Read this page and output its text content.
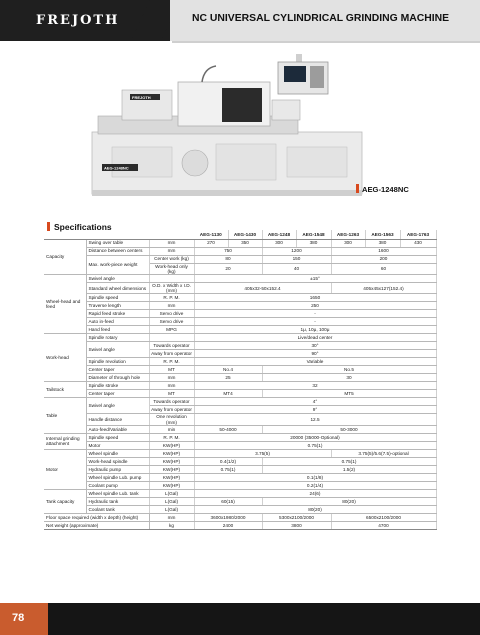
FREJOTH	NC UNIVERSAL CYLINDRICAL GRINDING MACHINE
FREJOTH
AEG-1248NC
AEG-1248NC
Specifications
			AEG-1130	AEG-1430	AEG-1248	AEG-1548	AEG-1263	AEG-1563	AEG-1763
Capacity	Swing over table	mm	270	350	300	380	300	380	430
	Distance between centers	mm	750		1200		1600		
	Max. work-piece weight	Center work (kg)	80		150		200		
		Work-head only (kg)	20		40		60		
Wheel-head and feed	Swivel angle		±15°						
	Standard wheel dimensions	O.D. x Width x I.D. (mm)	405x32-50x152.4				405x45x127(152.4)		
	Spindle speed	R. P. M.	1650						
	Traverse length	mm	250						
	Rapid feed stroke	Servo drive	-						
	Auto in-feed	Servo drive	-						
	Hand feed	MPG	1μ, 10μ, 100μ						
Work-head	Spindle rotary		Live/dead center						
	Swivel angle	Towards operator	30°						
		Away from operator	90°						
	Spindle revolution	R. P. M.	Variable						
	Center taper	MT	No.4		No.5				
	Diameter of through hole	mm	25		30				
Tailstock	Spindle stroke	mm	32						
	Center taper	MT	MT4		MT5				
Table	Swivel angle	Towards operator	4°						
		Away from operator	9°						
	Handle distance	One revolution (mm)	12.5						
	Auto-feed/Variable	min	50-4000		50-3000				
Internal grinding attachment	Spindle speed	R. P. M.	20000 (35000-Optional)						
	Motor	KW(HP)	0.75(1)						
Motor	Wheel spindle	KW(HP)	3.75(5)				3.75(5)/5.6(7.5)-optional		
	Work-head spindle	KW(HP)	0.4(1/2)		0.75(1)				
	Hydraulic pump	KW(HP)	0.75(1)		1.5(2)				
	Wheel spindle Lub. pump	KW(HP)	0.1(1/8)						
	Coolant pump	KW(HP)	0.2(1/4)						
Tank capacity	Wheel spindle Lub. tank	L(Gal)	24(6)						
	Hydraulic tank	L(Gal)	60(15)		80(20)				
	Coolant tank	L(Gal)	80(20)						
Floor space required (width x depth) (height)		mm	3600x1980/2000		5300x2100/2000		6500x2100/2000		
Net weight (approximate)		kg	2400		3800		4700		
78
